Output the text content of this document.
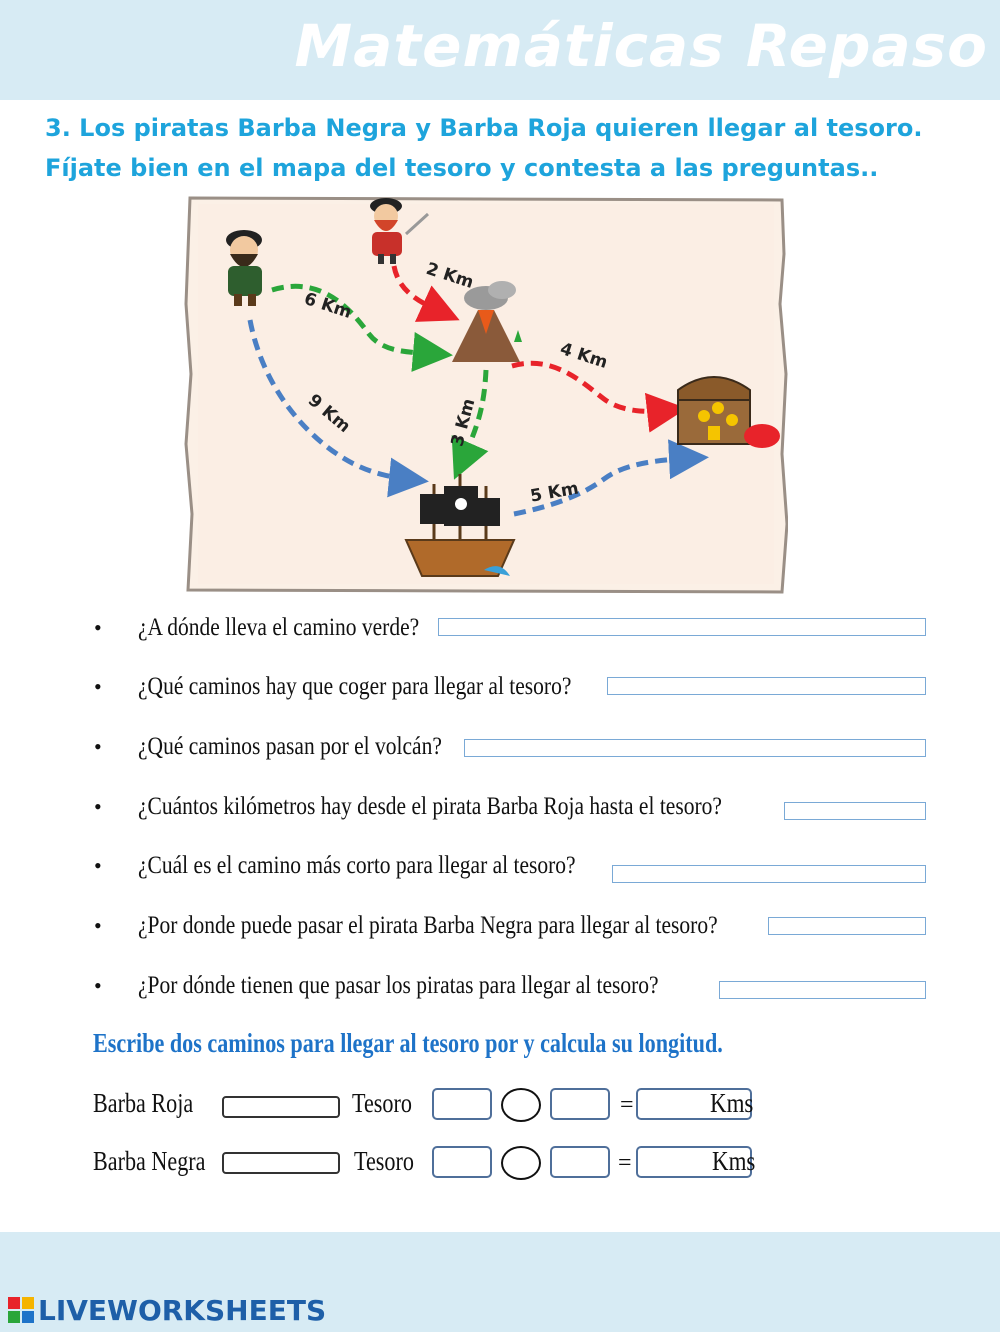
Matemáticas Repaso
3. Los piratas Barba Negra y Barba Roja quieren llegar al tesoro.
Fíjate bien en el mapa del tesoro y contesta a las preguntas..
2 Km
6 Km
4 Km
9 Km	3 Km
5 Km
•	¿A dónde lleva el camino verde?
•	¿Qué caminos hay que coger para llegar al tesoro?
•	¿Qué caminos pasan por el volcán?
•	¿Cuántos kilómetros hay desde el pirata Barba Roja hasta el tesoro?
•	¿Cuál es el camino más corto para llegar al tesoro?
•	¿Por donde puede pasar el pirata Barba Negra para llegar al tesoro?
•	¿Por dónde tienen que pasar los piratas para llegar al tesoro?
Escribe dos caminos para llegar al tesoro por y calcula su longitud.
Barba Roja	Tesoro	=	Kms
Barba Negra	Tesoro	=	Kms
LIVEWORKSHEETS
